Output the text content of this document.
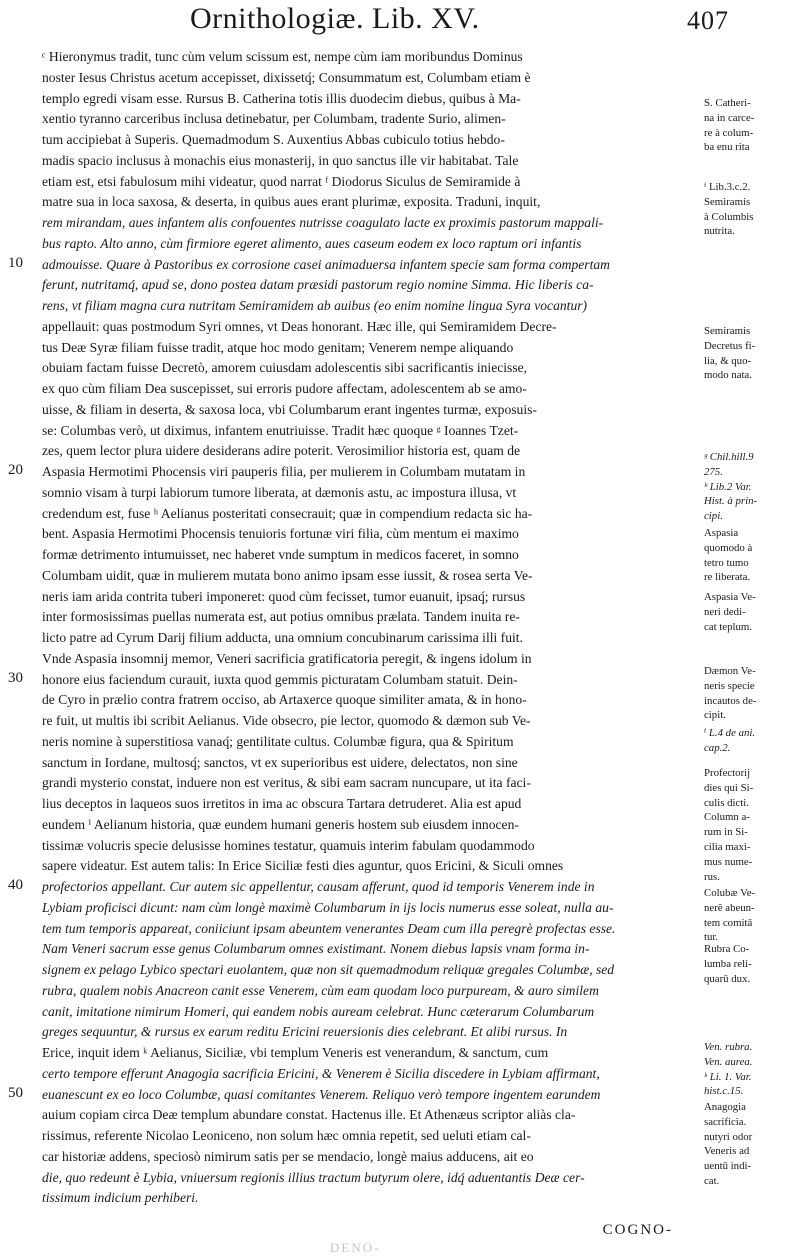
Ornithologiæ. Lib. XV.	407
ᶜ Hieronymus tradit, tunc cùm velum scissum est, nempe cùm iam moribundus Dominus
noster Iesus Christus acetum accepisset, dixissetq́; Consummatum est, Columbam etiam è
templo egredi visam esse. Rursus B. Catherina totis illis duodecim diebus, quibus à Ma-
xentio tyranno carceribus inclusa detinebatur, per Columbam, tradente Surio, alimen-
tum accipiebat à Superis. Quemadmodum S. Auxentius Abbas cubiculo totius hebdo-
madis spacio inclusus à monachis eius monasterij, in quo sanctus ille vir habitabat. Tale
etiam est, etsi fabulosum mihi videatur, quod narrat ᶠ Diodorus Siculus de Semiramide à
matre sua in loca saxosa, & deserta, in quibus aues erant plurimæ, exposita. Traduni, inquit,
rem mirandam, aues infantem alis confouentes nutrisse coagulato lacte ex proximis pastorum mappali-
bus rapto. Alto anno, cùm firmiore egeret alimento, aues caseum eodem ex loco raptum ori infantis
admouisse. Quare à Pastoribus ex corrosione casei animaduersa infantem specie sam forma compertam
ferunt, nutritamq́, apud se, dono postea datam præsidi pastorum regio nomine Simma. Hic liberis ca-
rens, vt filiam magna cura nutritam Semiramidem ab auibus (eo enim nomine lingua Syra vocantur)
appellauit: quas postmodum Syri omnes, vt Deas honorant. Hæc ille, qui Semiramidem Decre-
tus Deæ Syræ filiam fuisse tradit, atque hoc modo genitam; Venerem nempe aliquando
obuiam factam fuisse Decretò, amorem cuiusdam adolescentis sibi sacrificantis iniecisse,
ex quo cùm filiam Dea suscepisset, sui erroris pudore affectam, adolescentem ab se amo-
uisse, & filiam in deserta, & saxosa loca, vbi Columbarum erant ingentes turmæ, exposuis-
se: Columbas verò, ut diximus, infantem enutriuisse. Tradit hæc quoque ᵍ Ioannes Tzet-
zes, quem lector plura uidere desiderans adire poterit. Verosimilior historia est, quam de
Aspasia Hermotimi Phocensis viri pauperis filia, per mulierem in Columbam mutatam in
somnio visam à turpi labiorum tumore liberata, at dæmonis astu, ac impostura illusa, vt
credendum est, fuse ʰ Aelianus posteritati consecrauit; quæ in compendium redacta sic ha-
bent. Aspasia Hermotimi Phocensis tenuioris fortunæ viri filia, cùm mentum ei maximo
formæ detrimento intumuisset, nec haberet vnde sumptum in medicos faceret, in somno
Columbam uidit, quæ in mulierem mutata bono animo ipsam esse iussit, & rosea serta Ve-
neris iam arida contrita tuberi imponeret: quod cùm fecisset, tumor euanuit, ipsaq́; rursus
inter formosissimas puellas numerata est, aut potius omnibus prælata. Tandem inuita re-
licto patre ad Cyrum Darij filium adducta, una omnium concubinarum carissima illi fuit.
Vnde Aspasia insomnij memor, Veneri sacrificia gratificatoria peregit, & ingens idolum in
honore eius faciendum curauit, iuxta quod gemmis picturatam Columbam statuit. Dein-
de Cyro in prælio contra fratrem occiso, ab Artaxerce quoque similiter amata, & in hono-
re fuit, ut multis ibi scribit Aelianus. Vide obsecro, pie lector, quomodo & dæmon sub Ve-
neris nomine à superstitiosa vanaq́; gentilitate cultus. Columbæ figura, qua & Spiritum
sanctum in Iordane, multosq́; sanctos, vt ex superioribus est uidere, delectatos, non sine
grandi mysterio constat, induere non est veritus, & sibi eam sacram nuncupare, ut ita faci-
lius deceptos in laqueos suos irretitos in ima ac obscura Tartara detruderet. Alia est apud
eundem ⁱ Aelianum historia, quæ eundem humani generis hostem sub eiusdem innocen-
tissimæ volucris specie delusisse homines testatur, quamuis interim fabulam quodammodo
sapere videatur. Est autem talis: In Erice Siciliæ festi dies aguntur, quos Ericini, & Siculi omnes
profectorios appellant. Cur autem sic appellentur, causam afferunt, quod id temporis Venerem inde in
Lybiam proficisci dicunt: nam cùm longè maximè Columbarum in ijs locis numerus esse soleat, nulla au-
tem tum temporis appareat, coniiciunt ipsam abeuntem venerantes Deam cum illa peregrè profectas esse.
Nam Veneri sacrum esse genus Columbarum omnes existimant. Nonem diebus lapsis vnam forma in-
signem ex pelago Lybico spectari euolantem, quæ non sit quemadmodum reliquæ gregales Columbæ, sed
rubra, qualem nobis Anacreon canit esse Venerem, cùm eam quodam loco purpuream, & auro similem
canit, imitatione nimirum Homeri, qui eandem nobis auream celebrat. Hunc cæterarum Columbarum
greges sequuntur, & rursus ex earum reditu Ericini reuersionis dies celebrant. Et alibi rursus. In
Erice, inquit idem ᵏ Aelianus, Siciliæ, vbi templum Veneris est venerandum, & sanctum, cum
certo tempore efferunt Anagogia sacrificia Ericini, & Venerem è Sicilia discedere in Lybiam affirmant,
euanescunt ex eo loco Columbæ, quasi comitantes Venerem. Reliquo verò tempore ingentem earundem
auium copiam circa Deæ templum abundare constat. Hactenus ille. Et Athenæus scriptor aliàs cla-
rissimus, referente Nicolao Leoniceno, non solum hæc omnia repetit, sed ueluti etiam cal-
car historiæ addens, speciosò nimirum satis per se mendacio, longè maius adducens, ait eo
die, quo redeunt è Lybia, vniuersum regionis illius tractum butyrum olere, idq́ aduentantis Deæ cer-
tissimum indicium perhiberi.
10
20
30
40
50
S. Catheri-
na in carce-
re à colum-
ba enu rita
ᶠ Lib.3.c.2.
Semiramis
à Columbis
nutrita.
Semiramis
Decretus fi-
lia, & quo-
modo nata.
ᵍ Chil.hill.9
275.
ʰ Lib.2 Var.
Hist. à prin-
cipi.
Aspasia
quomodo à
tetro tumo
re liberata.
Aspasia Ve-
neri dedi-
cat teplum.
Dæmon Ve-
neris specie
incautos de-
cipit.
ⁱ L.4 de ani.
cap.2.
Profectorij
dies qui Si-
culis dicti.
Column a-
rum in Si-
cilia maxi-
mus nume-
rus.
Colubæ Ve-
nerē abeun-
tem comitā
tur.
Rubra Co-
lumba reli-
quarū dux.
Ven. rubra.
Ven. aurea.
ᵏ Li. 1. Var.
hist.c.15.
Anagogia
sacrificia.
nutyri odor
Veneris ad
uentū indi-
cat.
COGNO-
DENO-
